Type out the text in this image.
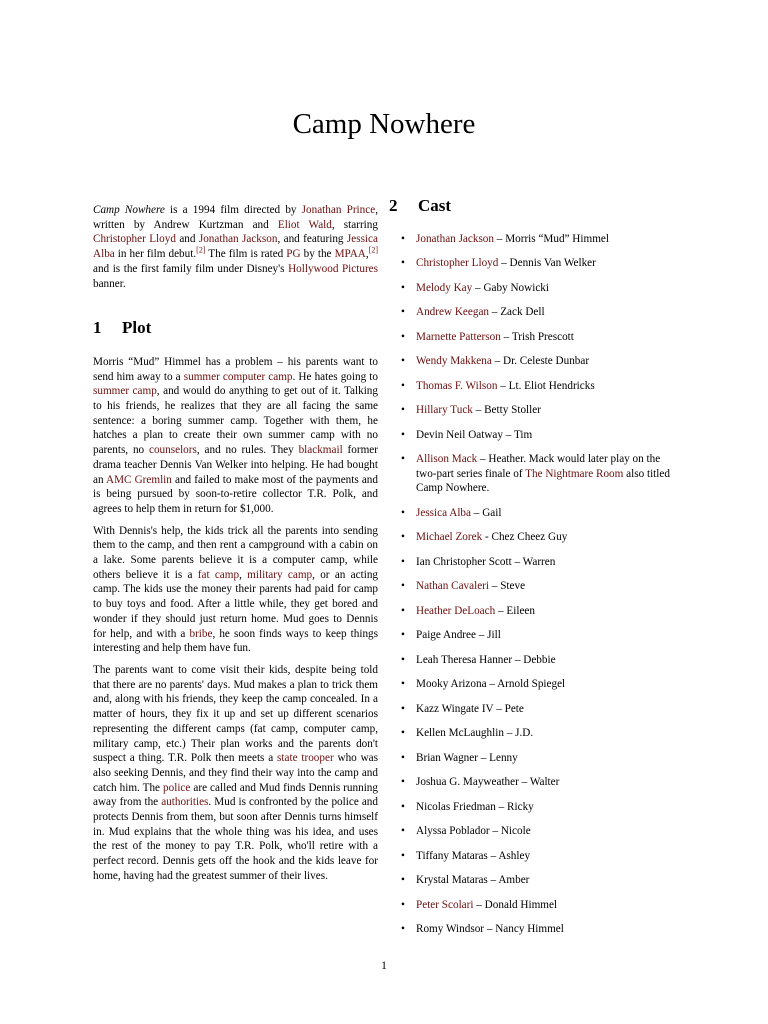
Camp Nowhere

Camp Nowhere is a 1994 film directed by Jonathan Prince, written by Andrew Kurtzman and Eliot Wald, starring Christopher Lloyd and Jonathan Jackson, and featuring Jessica Alba in her film debut.[2] The film is rated PG by the MPAA,[2] and is the first family film under Disney's Hollywood Pictures banner.

1 Plot

Morris “Mud” Himmel has a problem – his parents want to send him away to a summer computer camp. He hates going to summer camp, and would do anything to get out of it. Talking to his friends, he realizes that they are all facing the same sentence: a boring summer camp. Together with them, he hatches a plan to create their own summer camp with no parents, no counselors, and no rules. They blackmail former drama teacher Dennis Van Welker into helping. He had bought an AMC Gremlin and failed to make most of the payments and is being pursued by soon-to-retire collector T.R. Polk, and agrees to help them in return for $1,000.

With Dennis's help, the kids trick all the parents into sending them to the camp, and then rent a campground with a cabin on a lake. Some parents believe it is a computer camp, while others believe it is a fat camp, military camp, or an acting camp. The kids use the money their parents had paid for camp to buy toys and food. After a little while, they get bored and wonder if they should just return home. Mud goes to Dennis for help, and with a bribe, he soon finds ways to keep things interesting and help them have fun.

The parents want to come visit their kids, despite being told that there are no parents' days. Mud makes a plan to trick them and, along with his friends, they keep the camp concealed. In a matter of hours, they fix it up and set up different scenarios representing the different camps (fat camp, computer camp, military camp, etc.) Their plan works and the parents don't suspect a thing. T.R. Polk then meets a state trooper who was also seeking Dennis, and they find their way into the camp and catch him. The police are called and Mud finds Dennis running away from the authorities. Mud is confronted by the police and protects Dennis from them, but soon after Dennis turns himself in. Mud explains that the whole thing was his idea, and uses the rest of the money to pay T.R. Polk, who'll retire with a perfect record. Dennis gets off the hook and the kids leave for home, having had the greatest summer of their lives.

2 Cast
• Jonathan Jackson – Morris “Mud” Himmel
• Christopher Lloyd – Dennis Van Welker
• Melody Kay – Gaby Nowicki
• Andrew Keegan – Zack Dell
• Marnette Patterson – Trish Prescott
• Wendy Makkena – Dr. Celeste Dunbar
• Thomas F. Wilson – Lt. Eliot Hendricks
• Hillary Tuck – Betty Stoller
• Devin Neil Oatway – Tim
• Allison Mack – Heather. Mack would later play on the two-part series finale of The Nightmare Room also titled Camp Nowhere.
• Jessica Alba – Gail
• Michael Zorek - Chez Cheez Guy
• Ian Christopher Scott – Warren
• Nathan Cavaleri – Steve
• Heather DeLoach – Eileen
• Paige Andree – Jill
• Leah Theresa Hanner – Debbie
• Mooky Arizona – Arnold Spiegel
• Kazz Wingate IV – Pete
• Kellen McLaughlin – J.D.
• Brian Wagner – Lenny
• Joshua G. Mayweather – Walter
• Nicolas Friedman – Ricky
• Alyssa Poblador – Nicole
• Tiffany Mataras – Ashley
• Krystal Mataras – Amber
• Peter Scolari – Donald Himmel
• Romy Windsor – Nancy Himmel
1
